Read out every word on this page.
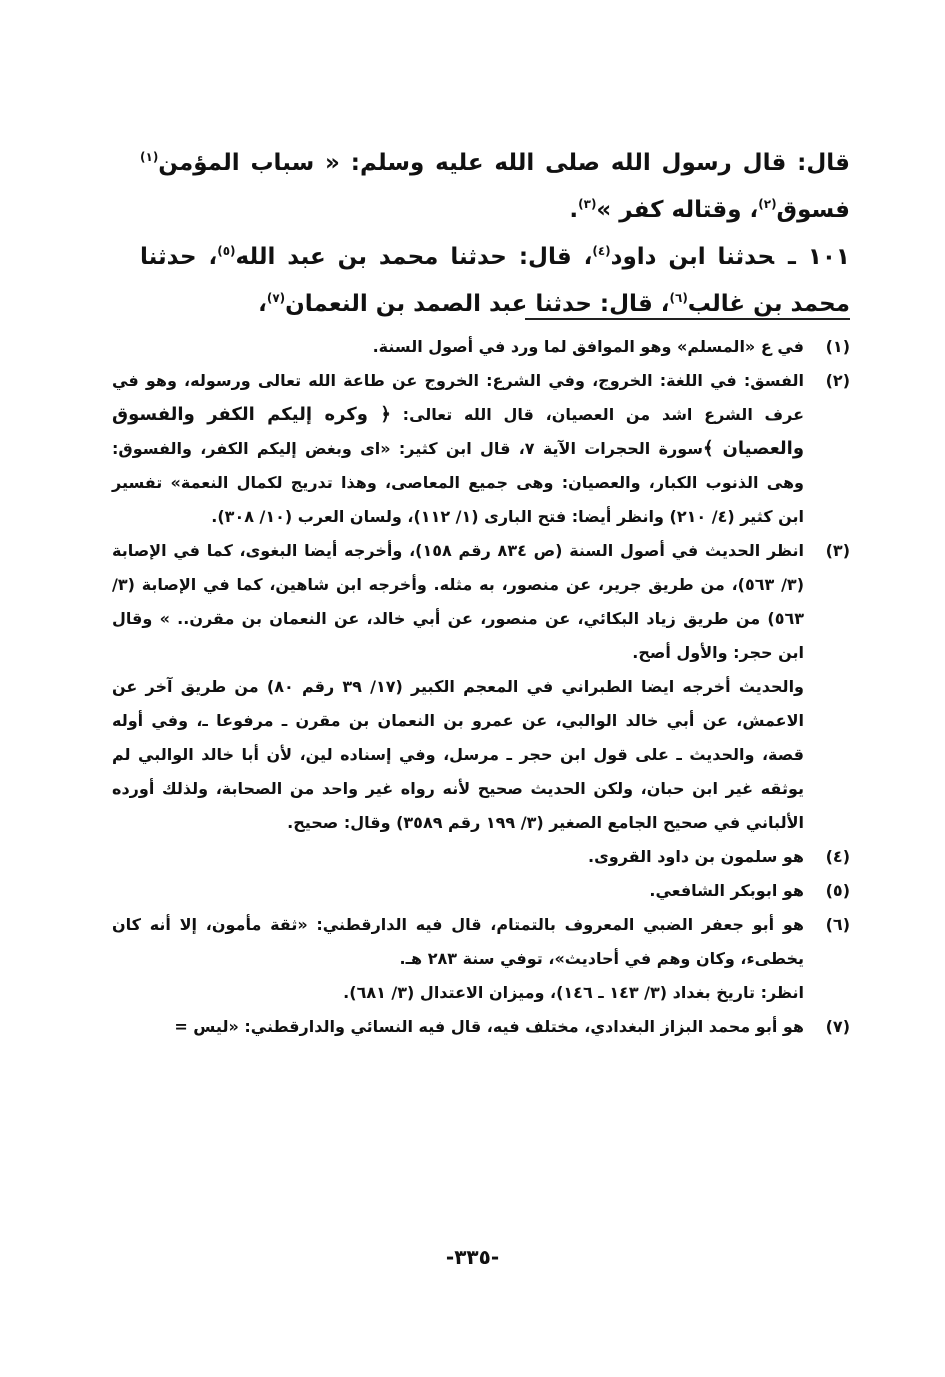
قال: قال رسول الله صلى الله عليه وسلم: « سباب المؤمن$^{(١)}$ فسوق$^{(٢)}$، وقتاله كفر »$^{(٣)}$.

١٠١ ـحدثنا ابن داود$^{(٤)}$، قال: حدثنا محمد بن عبد الله$^{(٥)}$، حدثنا محمد بن غالب$^{(٦)}$، قال: حدثنا عبد الصمد بن النعمان$^{(٧)}$،

(١)

في ع «المسلم» وهو الموافق لما ورد في أصول السنة.

(٢)

الفسق: في اللغة: الخروج، وفي الشرع: الخروج عن طاعة الله تعالى ورسوله، وهو في عرف الشرع اشد من العصيان، قال الله تعالى: ﴿ وكره إليكم الكفر والفسوق والعصيان ﴾سورة الحجرات الآية ٧، قال ابن كثير: «اى وبغض إليكم الكفر، والفسوق: وهى الذنوب الكبار، والعصيان: وهى جميع المعاصى، وهذا تدريج لكمال النعمة» تفسير ابن كثير (٤/ ٢١٠) وانظر أيضا: فتح البارى (١/ ١١٢)، ولسان العرب (١٠/ ٣٠٨).

(٣)

انظر الحديث في أصول السنة (ص ٨٣٤ رقم ١٥٨)، وأخرجه أيضا البغوى، كما في الإصابة (٣/ ٥٦٣)، من طريق جرير، عن منصور، به مثله. وأخرجه ابن شاهين، كما في الإصابة (٣/ ٥٦٣) من طريق زياد البكائي، عن منصور، عن أبي خالد، عن النعمان بن مقرن.. » وقال ابن حجر: والأول أصح.

والحديث أخرجه ايضا الطبراني في المعجم الكبير (١٧/ ٣٩ رقم ٨٠) من طريق آخر عن الاعمش، عن أبي خالد الوالبي، عن عمرو بن النعمان بن مقرن ـ مرفوعا ـ، وفي أوله قصة، والحديث ـ على قول ابن حجر ـ مرسل، وفي إسناده لين، لأن أبا خالد الوالبي لم يوثقه غير ابن حبان، ولكن الحديث صحيح لأنه رواه غير واحد من الصحابة، ولذلك أورده الألباني في صحيح الجامع الصغير (٣/ ١٩٩ رقم ٣٥٨٩) وقال: صحيح.

(٤)

هو سلمون بن داود القروى.

(٥)

هو ابوبكر الشافعي.

(٦)

هو أبو جعفر الضبي المعروف بالتمتام، قال فيه الدارقطني: «ثقة مأمون، إلا أنه كان يخطىء، وكان وهم في أحاديث»، توفي سنة ٢٨٣ هـ.

انظر: تاريخ بغداد (٣/ ١٤٣ ـ ١٤٦)، وميزان الاعتدال (٣/ ٦٨١).

(٧)

هو أبو محمد البزاز البغدادي، مختلف فيه، قال فيه النسائي والدارقطني: «ليس =

-٣٣٥-
